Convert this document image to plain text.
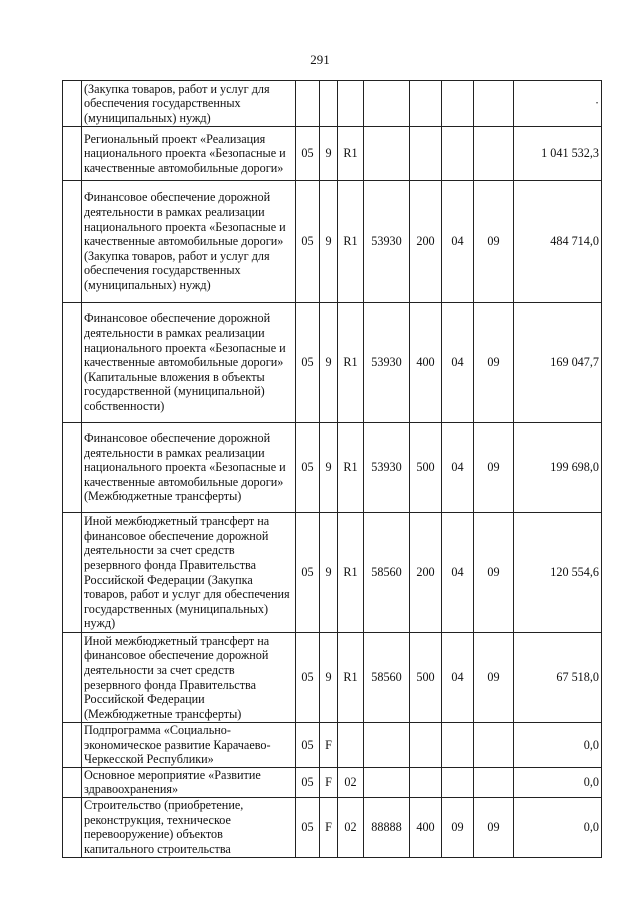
291
	(Закупка товаров, работ и услуг для обеспечения государственных (муниципальных) нужд)								·
	Региональный проект «Реализация национального проекта «Безопасные и качественные автомобильные дороги»	05	9	R1					1 041 532,3
	Финансовое обеспечение дорожной деятельности в рамках реализации национального проекта «Безопасные и качественные автомобильные дороги» (Закупка товаров, работ и услуг для обеспечения государственных (муниципальных) нужд)	05	9	R1	53930	200	04	09	484 714,0
	Финансовое обеспечение дорожной деятельности в рамках реализации национального проекта «Безопасные и качественные автомобильные дороги» (Капитальные вложения в объекты государственной (муниципальной) собственности)	05	9	R1	53930	400	04	09	169 047,7
	Финансовое обеспечение дорожной деятельности в рамках реализации национального проекта «Безопасные и качественные автомобильные дороги» (Межбюджетные трансферты)	05	9	R1	53930	500	04	09	199 698,0
	Иной межбюджетный трансферт на финансовое обеспечение дорожной деятельности за счет средств резервного фонда Правительства Российской Федерации (Закупка товаров, работ и услуг для обеспечения государственных (муниципальных) нужд)	05	9	R1	58560	200	04	09	120 554,6
	Иной межбюджетный трансферт на финансовое обеспечение дорожной деятельности за счет средств резервного фонда Правительства Российской Федерации (Межбюджетные трансферты)	05	9	R1	58560	500	04	09	67 518,0
	Подпрограмма «Социально-экономическое развитие Карачаево-Черкесской Республики»	05	F						0,0
	Основное мероприятие «Развитие здравоохранения»	05	F	02					0,0
	Строительство (приобретение, реконструкция, техническое перевооружение) объектов капитального строительства	05	F	02	88888	400	09	09	0,0
